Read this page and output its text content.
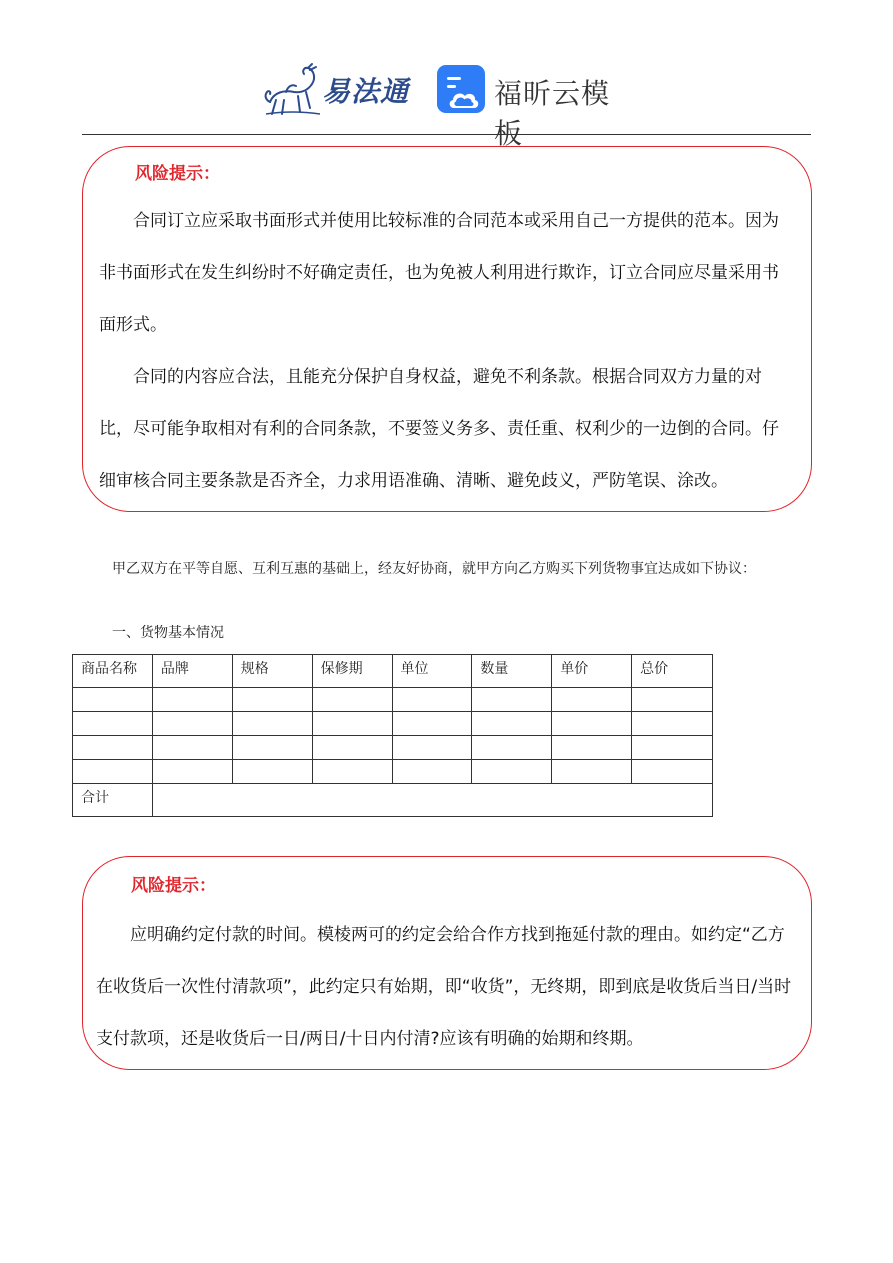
易法通	福昕云模板
风险提示：

合同订立应采取书面形式并使用比较标准的合同范本或采用自己一方提供的范本。因为非书面形式在发生纠纷时不好确定责任，也为免被人利用进行欺诈，订立合同应尽量采用书面形式。

合同的内容应合法，且能充分保护自身权益，避免不利条款。根据合同双方力量的对比，尽可能争取相对有利的合同条款，不要签义务多、责任重、权利少的一边倒的合同。仔细审核合同主要条款是否齐全，力求用语准确、清晰、避免歧义，严防笔误、涂改。

甲乙双方在平等自愿、互利互惠的基础上，经友好协商，就甲方向乙方购买下列货物事宜达成如下协议：

一、货物基本情况
商品名称	品牌	规格	保修期	单位	数量	单价	总价

合计							
风险提示：

应明确约定付款的时间。模棱两可的约定会给合作方找到拖延付款的理由。如约定“乙方在收货后一次性付清款项”，此约定只有始期，即“收货”，无终期，即到底是收货后当日/当时支付款项，还是收货后一日/两日/十日内付清?应该有明确的始期和终期。
